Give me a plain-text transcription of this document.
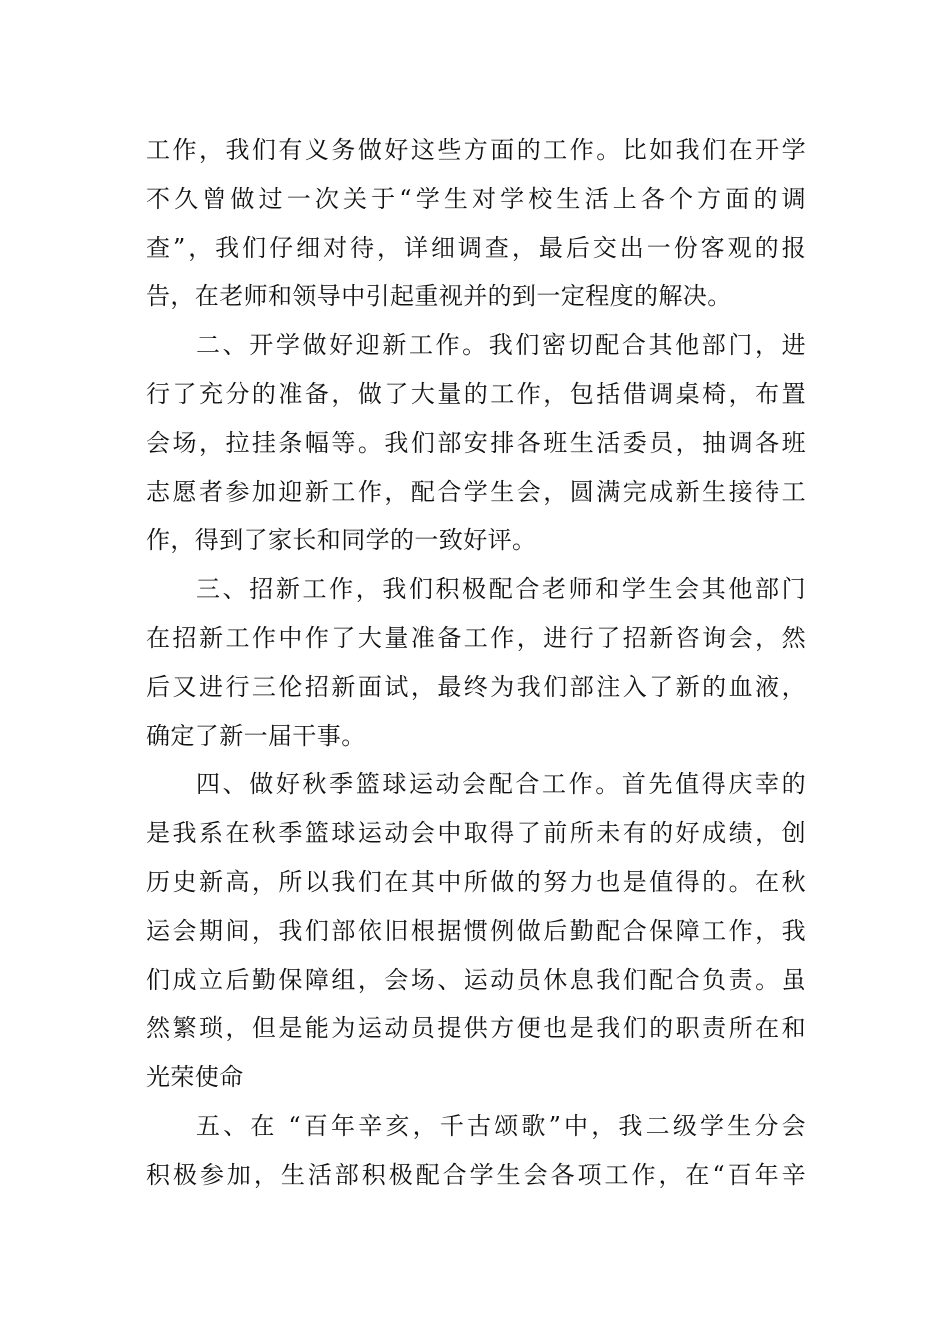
工作，我们有义务做好这些方面的工作。比如我们在开学
不久曾做过一次关于“学生对学校生活上各个方面的调
查”，我们仔细对待，详细调查，最后交出一份客观的报
告，在老师和领导中引起重视并的到一定程度的解决。
二、开学做好迎新工作。我们密切配合其他部门，进
行了充分的准备，做了大量的工作，包括借调桌椅，布置
会场，拉挂条幅等。我们部安排各班生活委员，抽调各班
志愿者参加迎新工作，配合学生会，圆满完成新生接待工
作，得到了家长和同学的一致好评。
三、招新工作，我们积极配合老师和学生会其他部门
在招新工作中作了大量准备工作，进行了招新咨询会，然
后又进行三伦招新面试，最终为我们部注入了新的血液，
确定了新一届干事。
四、做好秋季篮球运动会配合工作。首先值得庆幸的
是我系在秋季篮球运动会中取得了前所未有的好成绩，创
历史新高，所以我们在其中所做的努力也是值得的。在秋
运会期间，我们部依旧根据惯例做后勤配合保障工作，我
们成立后勤保障组，会场、运动员休息我们配合负责。虽
然繁琐，但是能为运动员提供方便也是我们的职责所在和
光荣使命
五、在 “百年辛亥，千古颂歌”中，我二级学生分会
积极参加，生活部积极配合学生会各项工作，在“百年辛
